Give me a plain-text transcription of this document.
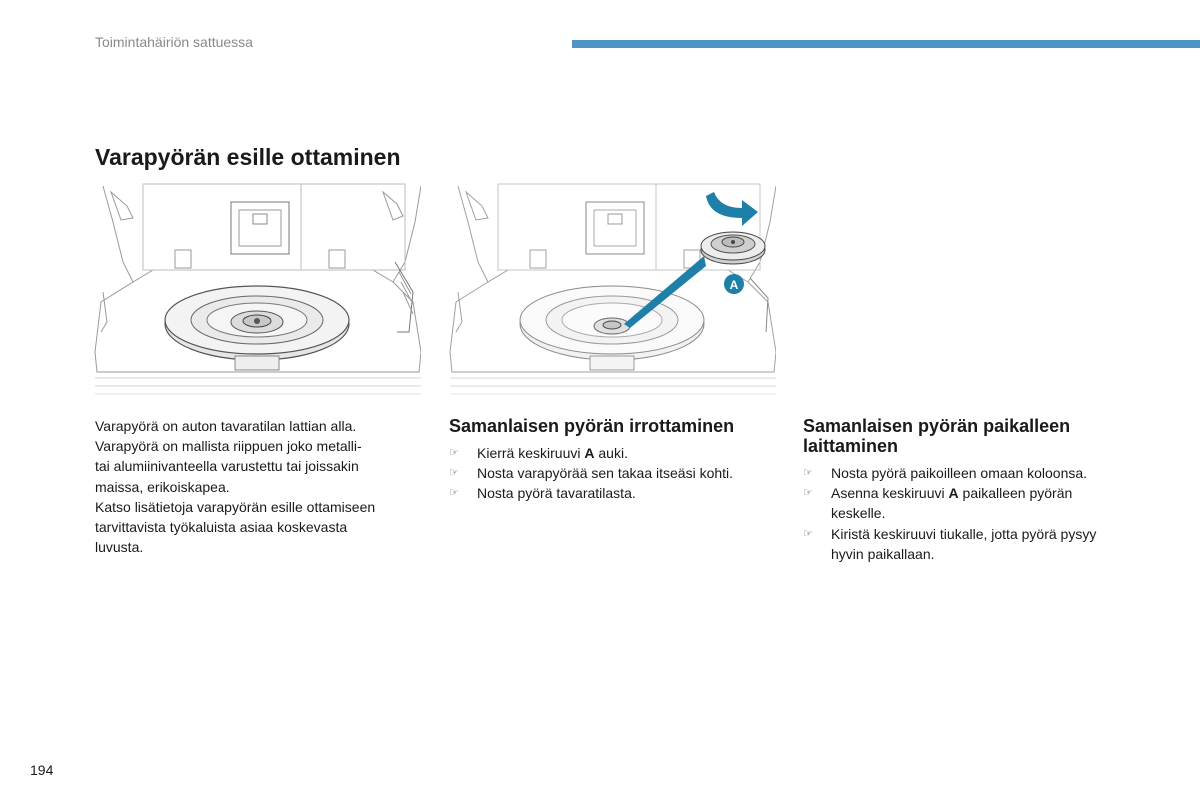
Toimintahäiriön sattuessa
Varapyörän esille ottaminen
A

Varapyörä on auton tavaratilan lattian alla.

Varapyörä on mallista riippuen joko metalli-

tai alumiinivanteella varustettu tai joissakin

maissa, erikoiskapea.

Katso lisätietoja varapyörän esille ottamiseen

tarvittavista työkaluista asiaa koskevasta

luvusta.

Samanlaisen pyörän irrottaminen
☞	Kierrä keskiruuvi A auki.
☞	Nosta varapyörää sen takaa itseäsi kohti.
☞	Nosta pyörä tavaratilasta.
Samanlaisen pyörän paikalleen
laittaminen
☞	Nosta pyörä paikoilleen omaan koloonsa.
☞	Asenna keskiruuvi A paikalleen pyörän
keskelle.
☞	Kiristä keskiruuvi tiukalle, jotta pyörä pysyy
hyvin paikallaan.
194
